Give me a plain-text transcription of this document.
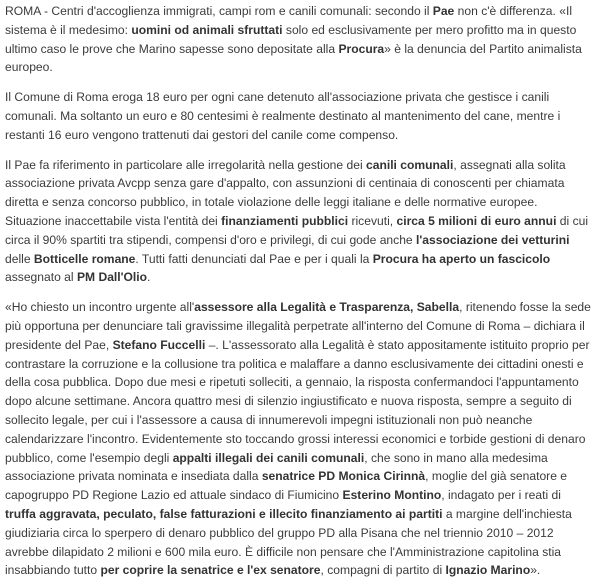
ROMA - Centri d'accoglienza immigrati, campi rom e canili comunali: secondo il Pae non c'è differenza. «Il sistema è il medesimo: uomini od animali sfruttati solo ed esclusivamente per mero profitto ma in questo ultimo caso le prove che Marino sapesse sono depositate alla Procura» è la denuncia del Partito animalista europeo.

Il Comune di Roma eroga 18 euro per ogni cane detenuto all'associazione privata che gestisce i canili comunali. Ma soltanto un euro e 80 centesimi è realmente destinato al mantenimento del cane, mentre i restanti 16 euro vengono trattenuti dai gestori del canile come compenso.

Il Pae fa riferimento in particolare alle irregolarità nella gestione dei canili comunali, assegnati alla solita associazione privata Avcpp senza gare d'appalto, con assunzioni di centinaia di conoscenti per chiamata diretta e senza concorso pubblico, in totale violazione delle leggi italiane e delle normative europee. Situazione inaccettabile vista l'entità dei finanziamenti pubblici ricevuti, circa 5 milioni di euro annui di cui circa il 90% spartiti tra stipendi, compensi d'oro e privilegi, di cui gode anche l'associazione dei vetturini delle Botticelle romane. Tutti fatti denunciati dal Pae e per i quali la Procura ha aperto un fascicolo assegnato al PM Dall'Olio.

«Ho chiesto un incontro urgente all'assessore alla Legalità e Trasparenza, Sabella, ritenendo fosse la sede più opportuna per denunciare tali gravissime illegalità perpetrate all'interno del Comune di Roma – dichiara il presidente del Pae, Stefano Fuccelli –. L'assessorato alla Legalità è stato appositamente istituito proprio per contrastare la corruzione e la collusione tra politica e malaffare a danno esclusivamente dei cittadini onesti e della cosa pubblica. Dopo due mesi e ripetuti solleciti, a gennaio, la risposta confermandoci l'appuntamento dopo alcune settimane. Ancora quattro mesi di silenzio ingiustificato e nuova risposta, sempre a seguito di sollecito legale, per cui i l'assessore a causa di innumerevoli impegni istituzionali non può neanche calendarizzare l'incontro. Evidentemente sto toccando grossi interessi economici e torbide gestioni di denaro pubblico, come l'esempio degli appalti illegali dei canili comunali, che sono in mano alla medesima associazione privata nominata e insediata dalla senatrice PD Monica Cirinnà, moglie del già senatore e capogruppo PD Regione Lazio ed attuale sindaco di Fiumicino Esterino Montino, indagato per i reati di truffa aggravata, peculato, false fatturazioni e illecito finanziamento ai partiti a margine dell'inchiesta giudiziaria circa lo sperpero di denaro pubblico del gruppo PD alla Pisana che nel triennio 2010 – 2012 avrebbe dilapidato 2 milioni e 600 mila euro. È difficile non pensare che l'Amministrazione capitolina stia insabbiando tutto per coprire la senatrice e l'ex senatore, compagni di partito di Ignazio Marino».
